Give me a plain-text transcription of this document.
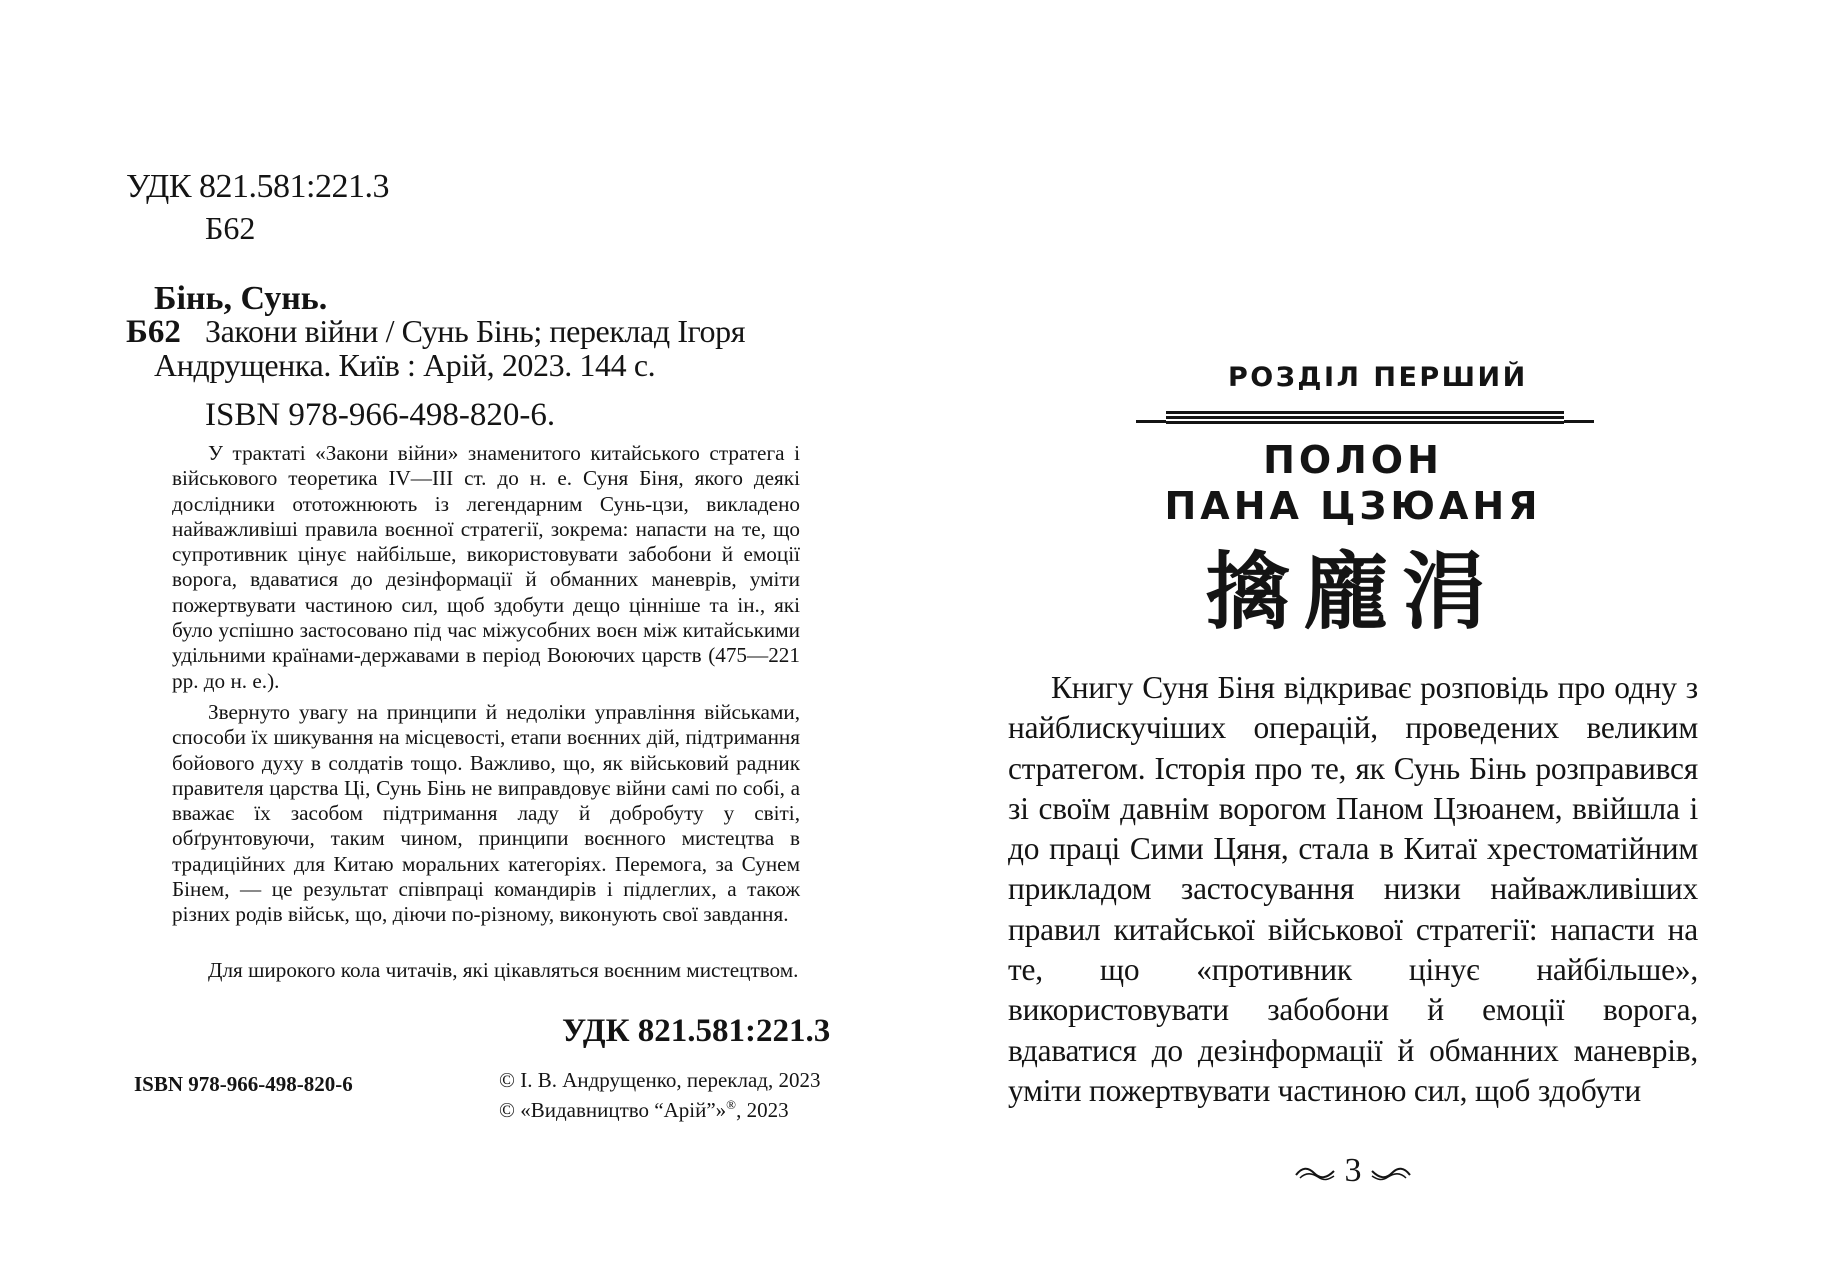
УДК 821.581:221.3
Б62
Бінь, Сунь.
Б62 Закони війни / Сунь Бінь; переклад Ігоря
Андрущенка. Київ : Арій, 2023. 144 с.
ISBN 978-966-498-820-6.

У трактаті «Закони війни» знаменитого китайського стратега і військового теоретика IV—III ст. до н. е. Суня Біня, якого деякі дослідники ототожнюють із легендарним Сунь-цзи, викладено найважливіші правила воєнної стратегії, зокрема: напасти на те, що супротивник цінує найбільше, використовувати забобони й емоції ворога, вдаватися до дезінформації й обманних маневрів, уміти пожертвувати частиною сил, щоб здобути дещо цінніше та ін., які було успішно застосовано під час міжусобних воєн між китайськими удільними країнами-державами в період Воюючих царств (475—221 рр. до н. е.).

Звернуто увагу на принципи й недоліки управління військами, способи їх шикування на місцевості, етапи воєнних дій, підтримання бойового духу в солдатів тощо. Важливо, що, як військовий радник правителя царства Ці, Сунь Бінь не виправдовує війни самі по собі, а вважає їх засобом підтримання ладу й добробуту у світі, обґрунтовуючи, таким чином, принципи воєнного мистецтва в традиційних для Китаю моральних категоріях. Перемога, за Сунем Бінем, — це результат співпраці командирів і підлеглих, а також різних родів військ, що, діючи по-різному, виконують свої завдання.

Для широкого кола читачів, які цікавляться воєнним мистецтвом.

УДК 821.581:221.3
ISBN 978-966-498-820-6	© І. В. Андрущенко, переклад, 2023
© «Видавництво “Арій”»®, 2023
РОЗДІЛ ПЕРШИЙ
ПОЛОН
ПАНА ЦЗЮАНЯ
擒龐涓

Книгу Суня Біня відкриває розповідь про одну з найблискучіших операцій, проведених великим стратегом. Історія про те, як Сунь Бінь розправився зі своїм давнім ворогом Паном Цзюанем, ввійшла і до праці Сими Цяня, стала в Китаї хрестоматійним прикладом застосування низки найважливіших правил китайської військової стратегії: напасти на те, що «противник цінує найбільше», використовувати забобони й емоції ворога, вдаватися до дезінформації й обманних маневрів, уміти пожертвувати частиною сил, щоб здобути

3
